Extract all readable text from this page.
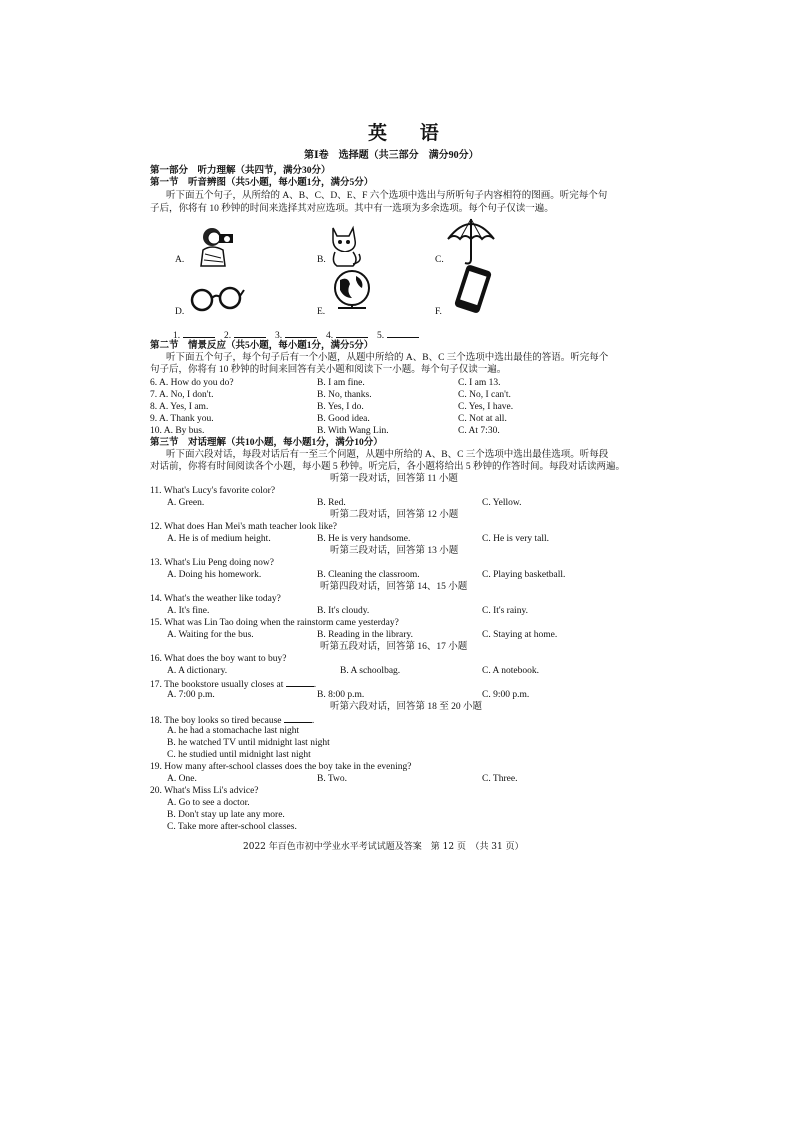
英 语
第Ⅰ卷　选择题（共三部分　满分90分）
第一部分　听力理解（共四节，满分30分）
第一节　听音辨图（共5小题，每小题1分，满分5分）
听下面五个句子，从所给的 A、B、C、D、E、F 六个选项中选出与所听句子内容相符的图画。听完每个句
子后，你将有 10 秒钟的时间来选择其对应选项。其中有一选项为多余选项。每个句子仅读一遍。
A.	B.	C.
D.	E.	F.
1.	2.	3.	4.	5.
第二节　情景反应（共5小题，每小题1分，满分5分）
听下面五个句子，每个句子后有一个小题，从题中所给的 A、B、C 三个选项中选出最佳的答语。听完每个
句子后，你将有 10 秒钟的时间来回答有关小题和阅读下一小题。每个句子仅读一遍。
6. A. How do you do?	B. I am fine.	C. I am 13.
7. A. No, I don't.	B. No, thanks.	C. No, I can't.
8. A. Yes, I am.	B. Yes, I do.	C. Yes, I have.
9. A. Thank you.	B. Good idea.	C. Not at all.
10. A. By bus.	B. With Wang Lin.	C. At 7:30.
第三节　对话理解（共10小题，每小题1分，满分10分）
听下面六段对话，每段对话后有一至三个问题，从题中所给的 A、B、C 三个选项中选出最佳选项。听每段
对话前，你将有时间阅读各个小题，每小题 5 秒钟。听完后，各小题将给出 5 秒钟的作答时间。每段对话读两遍。
听第一段对话，回答第 11 小题
11. What's Lucy's favorite color?
A. Green.	B. Red.	C. Yellow.
听第二段对话，回答第 12 小题
12. What does Han Mei's math teacher look like?
A. He is of medium height.	B. He is very handsome.	C. He is very tall.
听第三段对话，回答第 13 小题
13. What's Liu Peng doing now?
A. Doing his homework.	B. Cleaning the classroom.	C. Playing basketball.
听第四段对话，回答第 14、15 小题
14. What's the weather like today?
A. It's fine.	B. It's cloudy.	C. It's rainy.
15. What was Lin Tao doing when the rainstorm came yesterday?
A. Waiting for the bus.	B. Reading in the library.	C. Staying at home.
听第五段对话，回答第 16、17 小题
16. What does the boy want to buy?
A. A dictionary.	B. A schoolbag.	C. A notebook.
17. The bookstore usually closes at	.
A. 7:00 p.m.	B. 8:00 p.m.	C. 9:00 p.m.
听第六段对话，回答第 18 至 20 小题
18. The boy looks so tired because	.
A. he had a stomachache last night
B. he watched TV until midnight last night
C. he studied until midnight last night
19. How many after-school classes does the boy take in the evening?
A. One.	B. Two.	C. Three.
20. What's Miss Li's advice?
A. Go to see a doctor.
B. Don't stay up late any more.
C. Take more after-school classes.
2022 年百色市初中学业水平考试试题及答案　第 12 页　（共 31 页）
